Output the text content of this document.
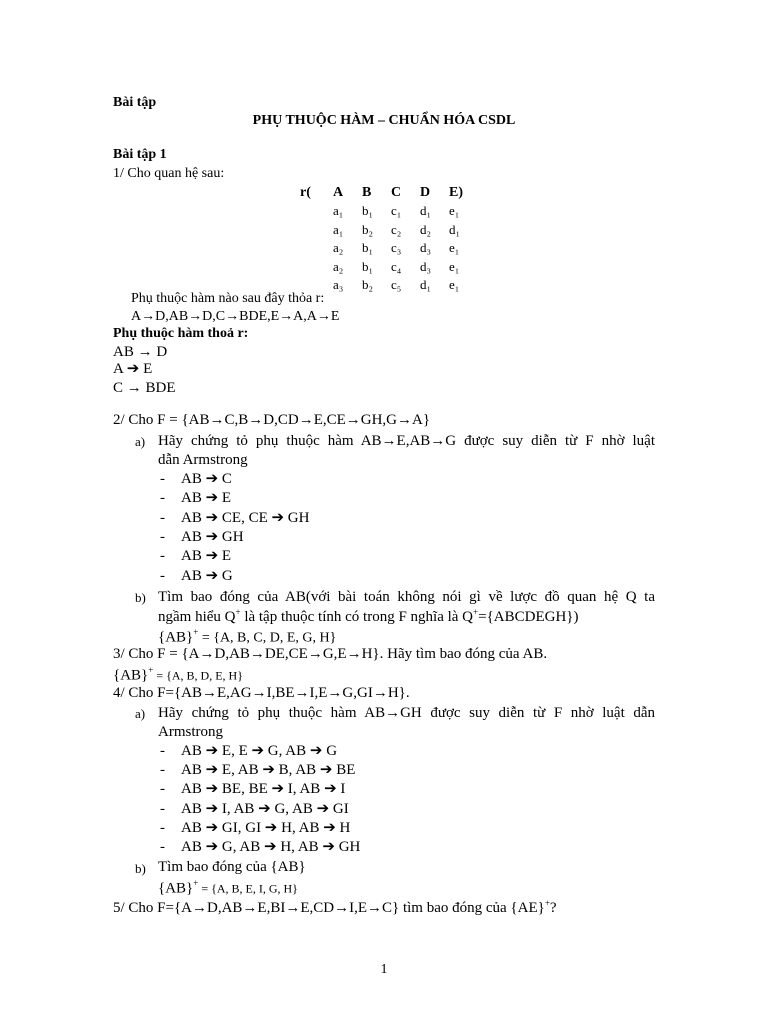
Bài tập
PHỤ THUỘC HÀM – CHUẨN HÓA CSDL
Bài tập 1
1/ Cho quan hệ sau:
r(	A	B	C	D	E)
	a₁	b₁	c₁	d₁	e₁
	a₁	b₂	c₂	d₂	d₁
	a₂	b₁	c₃	d₃	e₁
	a₂	b₁	c₄	d₃	e₁
	a₃	b₂	c₅	d₁	e₁
Phụ thuộc hàm nào sau đây thỏa r:
A→D,AB→D,C→BDE,E→A,A→E
Phụ thuộc hàm thoả r:
AB → D
A ➔ E
C → BDE
2/ Cho F = {AB→C,B→D,CD→E,CE→GH,G→A}
a) Hãy chứng tỏ phụ thuộc hàm AB→E,AB→G được suy diễn từ F nhờ luật
dẫn Armstrong
- AB ➔ C
- AB ➔ E
- AB ➔ CE, CE ➔ GH
- AB ➔ GH
- AB ➔ E
- AB ➔ G
b) Tìm bao đóng của AB(với bài toán không nói gì về lược đồ quan hệ Q ta
ngầm hiểu Q+ là tập thuộc tính có trong F nghĩa là Q+={ABCDEGH})
{AB}+ = {A, B, C, D, E, G, H}
3/ Cho F = {A→D,AB→DE,CE→G,E→H}. Hãy tìm bao đóng của AB.
{AB}+ = {A, B, D, E, H}
4/ Cho F={AB→E,AG→I,BE→I,E→G,GI→H}.
a) Hãy chứng tỏ phụ thuộc hàm AB→GH được suy diễn từ F nhờ luật dẫn
Armstrong
- AB ➔ E, E ➔ G, AB ➔ G
- AB ➔ E, AB ➔ B, AB ➔ BE
- AB ➔ BE, BE ➔ I, AB ➔ I
- AB ➔ I, AB ➔ G, AB ➔ GI
- AB ➔ GI, GI ➔ H, AB ➔ H
- AB ➔ G, AB ➔ H, AB ➔ GH
b) Tìm bao đóng của {AB}
{AB}+ = {A, B, E, I, G, H}
5/ Cho F={A→D,AB→E,BI→E,CD→I,E→C} tìm bao đóng của {AE}+?
1
